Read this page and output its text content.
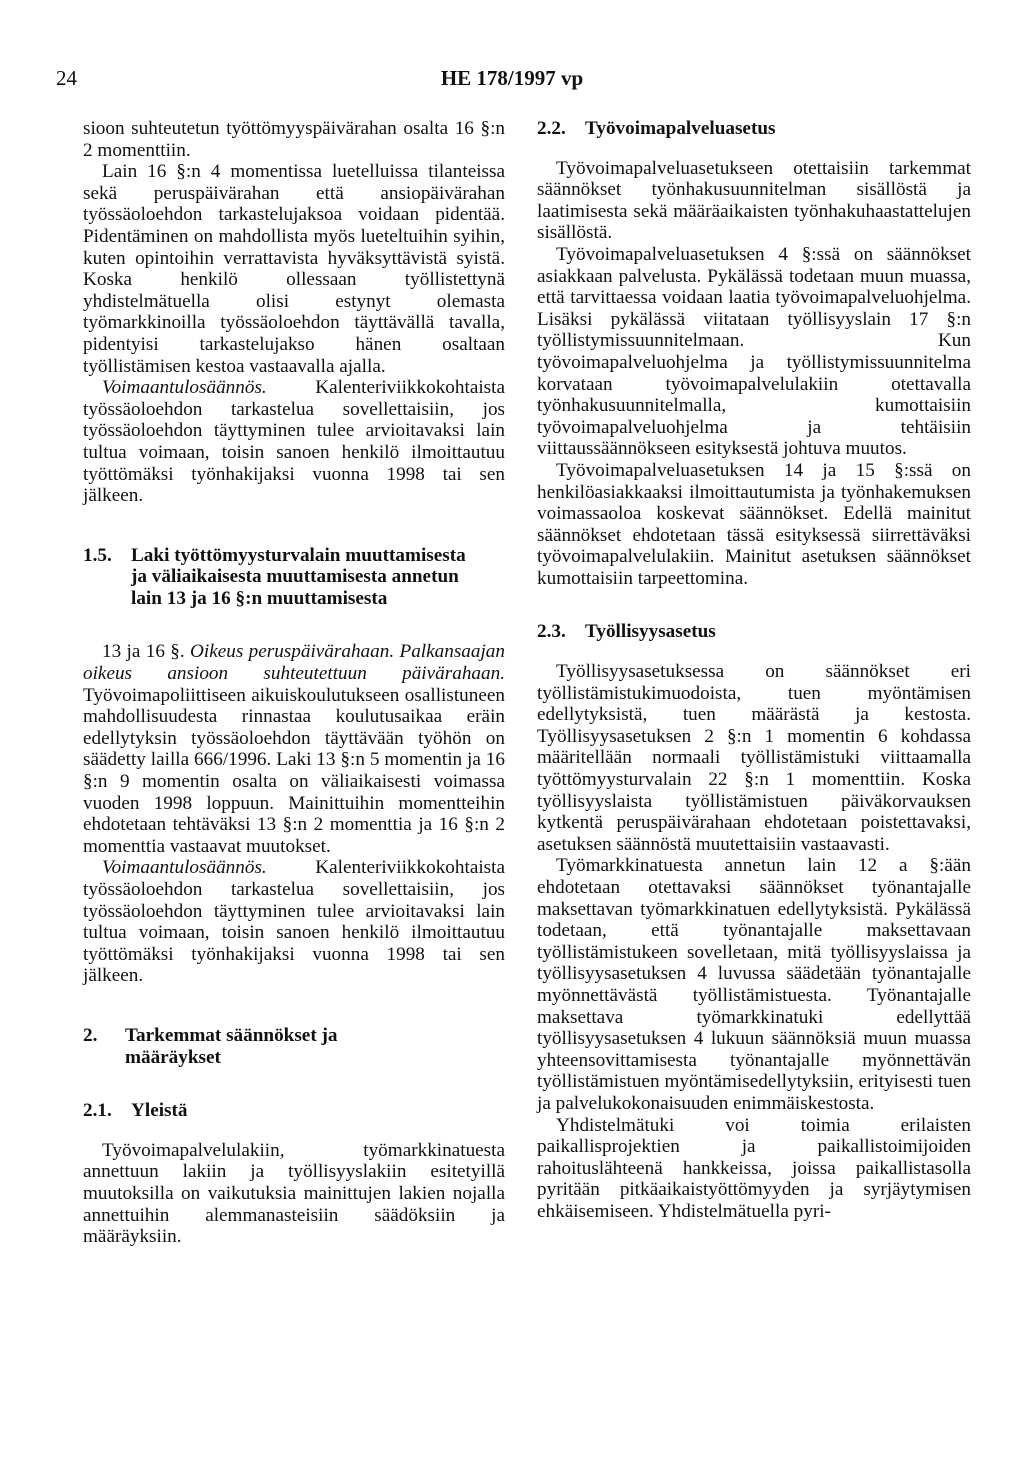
24	HE 178/1997 vp

sioon suhteutetun työttömyyspäivärahan osalta 16 §:n 2 momenttiin.

Lain 16 §:n 4 momentissa luetelluissa tilanteissa sekä peruspäivärahan että ansiopäivärahan työssäoloehdon tarkastelujaksoa voidaan pidentää. Pidentäminen on mahdollista myös lueteltuihin syihin, kuten opintoihin verrattavista hyväksyttävistä syistä. Koska henkilö ollessaan työllistettynä yhdistelmätuella olisi estynyt olemasta työmarkkinoilla työssäoloehdon täyttävällä tavalla, pidentyisi tarkastelujakso hänen osaltaan työllistämisen kestoa vastaavalla ajalla.

Voimaantulosäännös. Kalenteriviikkokohtaista työssäoloehdon tarkastelua sovellettaisiin, jos työssäoloehdon täyttyminen tulee arvioitavaksi lain tultua voimaan, toisin sanoen henkilö ilmoittautuu työttömäksi työnhakijaksi vuonna 1998 tai sen jälkeen.

1.5.	Laki työttömyysturvalain muuttamisesta ja väliaikaisesta muuttamisesta annetun lain 13 ja 16 §:n muuttamisesta

13 ja 16 §. Oikeus peruspäivärahaan. Palkansaajan oikeus ansioon suhteutettuun päivärahaan. Työvoimapoliittiseen aikuiskoulutukseen osallistuneen mahdollisuudesta rinnastaa koulutusaikaa eräin edellytyksin työssäoloehdon täyttävään työhön on säädetty lailla 666/1996. Laki 13 §:n 5 momentin ja 16 §:n 9 momentin osalta on väliaikaisesti voimassa vuoden 1998 loppuun. Mainittuihin momentteihin ehdotetaan tehtäväksi 13 §:n 2 momenttia ja 16 §:n 2 momenttia vastaavat muutokset.

Voimaantulosäännös. Kalenteriviikkokohtaista työssäoloehdon tarkastelua sovellettaisiin, jos työssäoloehdon täyttyminen tulee arvioitavaksi lain tultua voimaan, toisin sanoen henkilö ilmoittautuu työttömäksi työnhakijaksi vuonna 1998 tai sen jälkeen.

2.	Tarkemmat säännökset ja määräykset
2.1.	Yleistä

Työvoimapalvelulakiin, työmarkkinatuesta annettuun lakiin ja työllisyyslakiin esitetyillä muutoksilla on vaikutuksia mainittujen lakien nojalla annettuihin alemmanasteisiin säädöksiin ja määräyksiin.

2.2.	Työvoimapalveluasetus

Työvoimapalveluasetukseen otettaisiin tarkemmat säännökset työnhakusuunnitelman sisällöstä ja laatimisesta sekä määräaikaisten työnhakuhaastattelujen sisällöstä.

Työvoimapalveluasetuksen 4 §:ssä on säännökset asiakkaan palvelusta. Pykälässä todetaan muun muassa, että tarvittaessa voidaan laatia työvoimapalveluohjelma. Lisäksi pykälässä viitataan työllisyyslain 17 §:n työllistymissuunnitelmaan. Kun työvoimapalveluohjelma ja työllistymissuunnitelma korvataan työvoimapalvelulakiin otettavalla työnhakusuunnitelmalla, kumottaisiin työvoimapalveluohjelma ja tehtäisiin viittaussäännökseen esityksestä johtuva muutos.

Työvoimapalveluasetuksen 14 ja 15 §:ssä on henkilöasiakkaaksi ilmoittautumista ja työnhakemuksen voimassaoloa koskevat säännökset. Edellä mainitut säännökset ehdotetaan tässä esityksessä siirrettäväksi työvoimapalvelulakiin. Mainitut asetuksen säännökset kumottaisiin tarpeettomina.

2.3.	Työllisyysasetus

Työllisyysasetuksessa on säännökset eri työllistämistukimuodoista, tuen myöntämisen edellytyksistä, tuen määrästä ja kestosta. Työllisyysasetuksen 2 §:n 1 momentin 6 kohdassa määritellään normaali työllistämistuki viittaamalla työttömyysturvalain 22 §:n 1 momenttiin. Koska työllisyyslaista työllistämistuen päiväkorvauksen kytkentä peruspäivärahaan ehdotetaan poistettavaksi, asetuksen säännöstä muutettaisiin vastaavasti.

Työmarkkinatuesta annetun lain 12 a §:ään ehdotetaan otettavaksi säännökset työnantajalle maksettavan työmarkkinatuen edellytyksistä. Pykälässä todetaan, että työnantajalle maksettavaan työllistämistukeen sovelletaan, mitä työllisyyslaissa ja työllisyysasetuksen 4 luvussa säädetään työnantajalle myönnettävästä työllistämistuesta. Työnantajalle maksettava työmarkkinatuki edellyttää työllisyysasetuksen 4 lukuun säännöksiä muun muassa yhteensovittamisesta työnantajalle myönnettävän työllistämistuen myöntämisedellytyksiin, erityisesti tuen ja palvelukokonaisuuden enimmäiskestosta.

Yhdistelmätuki voi toimia erilaisten paikallisprojektien ja paikallistoimijoiden rahoituslähteenä hankkeissa, joissa paikallistasolla pyritään pitkäaikaistyöttömyyden ja syrjäytymisen ehkäisemiseen. Yhdistelmätuella pyri-
